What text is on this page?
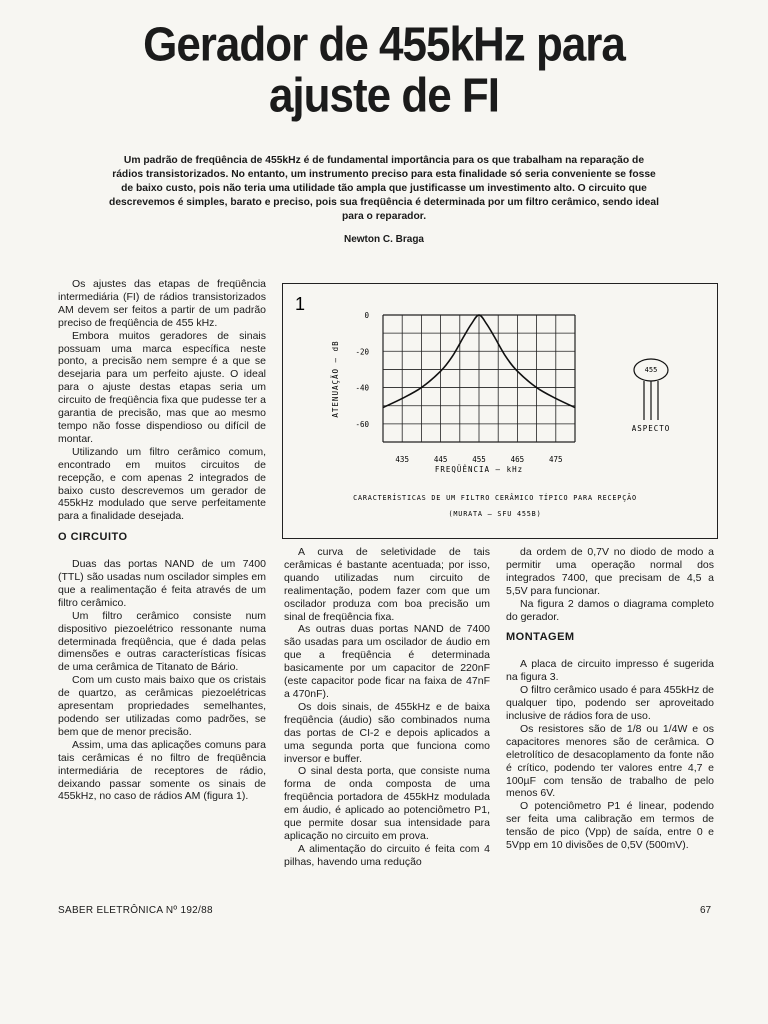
Gerador de 455kHz para
ajuste de FI
Um padrão de freqüência de 455kHz é de fundamental importância para os que trabalham na reparação de rádios transistorizados. No entanto, um instrumento preciso para esta finalidade só seria conveniente se fosse de baixo custo, pois não teria uma utilidade tão ampla que justificasse um investimento alto. O circuito que descrevemos é simples, barato e preciso, pois sua freqüência é determinada por um filtro cerâmico, sendo ideal para o reparador.
Newton C. Braga

Os ajustes das etapas de freqüência intermediária (FI) de rádios transistorizados AM devem ser feitos a partir de um padrão preciso de freqüência de 455 kHz.

Embora muitos geradores de sinais possuam uma marca específica neste ponto, a precisão nem sempre é a que se desejaria para um perfeito ajuste. O ideal para o ajuste destas etapas seria um circuito de freqüência fixa que pudesse ter a garantia de precisão, mas que ao mesmo tempo não fosse dispendioso ou difícil de montar.

Utilizando um filtro cerâmico comum, encontrado em muitos circuitos de recepção, e com apenas 2 integrados de baixo custo descrevemos um gerador de 455kHz modulado que serve perfeitamente para a finalidade desejada.

O CIRCUITO

Duas das portas NAND de um 7400 (TTL) são usadas num oscilador simples em que a realimentação é feita através de um filtro cerâmico.

Um filtro cerâmico consiste num dispositivo piezoelétrico ressonante numa determinada freqüência, que é dada pelas dimensões e outras características físicas de uma cerâmica de Titanato de Bário.

Com um custo mais baixo que os cristais de quartzo, as cerâmicas piezoelétricas apresentam propriedades semelhantes, podendo ser utilizadas como padrões, se bem que de menor precisão.

Assim, uma das aplicações comuns para tais cerâmicas é no filtro de freqüência intermediária de receptores de rádio, deixando passar somente os sinais de 455kHz, no caso de rádios AM (figura 1).

1
0
-20
-40
-60
435	445	455	465	475
ATENUAÇÃO — dB
FREQÜÊNCIA — kHz
455
ASPECTO
CARACTERÍSTICAS DE UM FILTRO CERÂMICO TÍPICO PARA RECEPÇÃO
(MURATA — SFU 455B)

A curva de seletividade de tais cerâmicas é bastante acentuada; por isso, quando utilizadas num circuito de realimentação, podem fazer com que um oscilador produza com boa precisão um sinal de freqüência fixa.

As outras duas portas NAND de 7400 são usadas para um oscilador de áudio em que a freqüência é determinada basicamente por um capacitor de 220nF (este capacitor pode ficar na faixa de 47nF a 470nF).

Os dois sinais, de 455kHz e de baixa freqüência (áudio) são combinados numa das portas de CI-2 e depois aplicados a uma segunda porta que funciona como inversor e buffer.

O sinal desta porta, que consiste numa forma de onda composta de uma freqüência portadora de 455kHz modulada em áudio, é aplicado ao potenciômetro P1, que permite dosar sua intensidade para aplicação no circuito em prova.

A alimentação do circuito é feita com 4 pilhas, havendo uma redução

da ordem de 0,7V no diodo de modo a permitir uma operação normal dos integrados 7400, que precisam de 4,5 a 5,5V para funcionar.

Na figura 2 damos o diagrama completo do gerador.

MONTAGEM

A placa de circuito impresso é sugerida na figura 3.

O filtro cerâmico usado é para 455kHz de qualquer tipo, podendo ser aproveitado inclusive de rádios fora de uso.

Os resistores são de 1/8 ou 1/4W e os capacitores menores são de cerâmica. O eletrolítico de desacoplamento da fonte não é crítico, podendo ter valores entre 4,7 e 100µF com tensão de trabalho de pelo menos 6V.

O potenciômetro P1 é linear, podendo ser feita uma calibração em termos de tensão de pico (Vpp) de saída, entre 0 e 5Vpp em 10 divisões de 0,5V (500mV).

SABER ELETRÔNICA Nº 192/88	67
